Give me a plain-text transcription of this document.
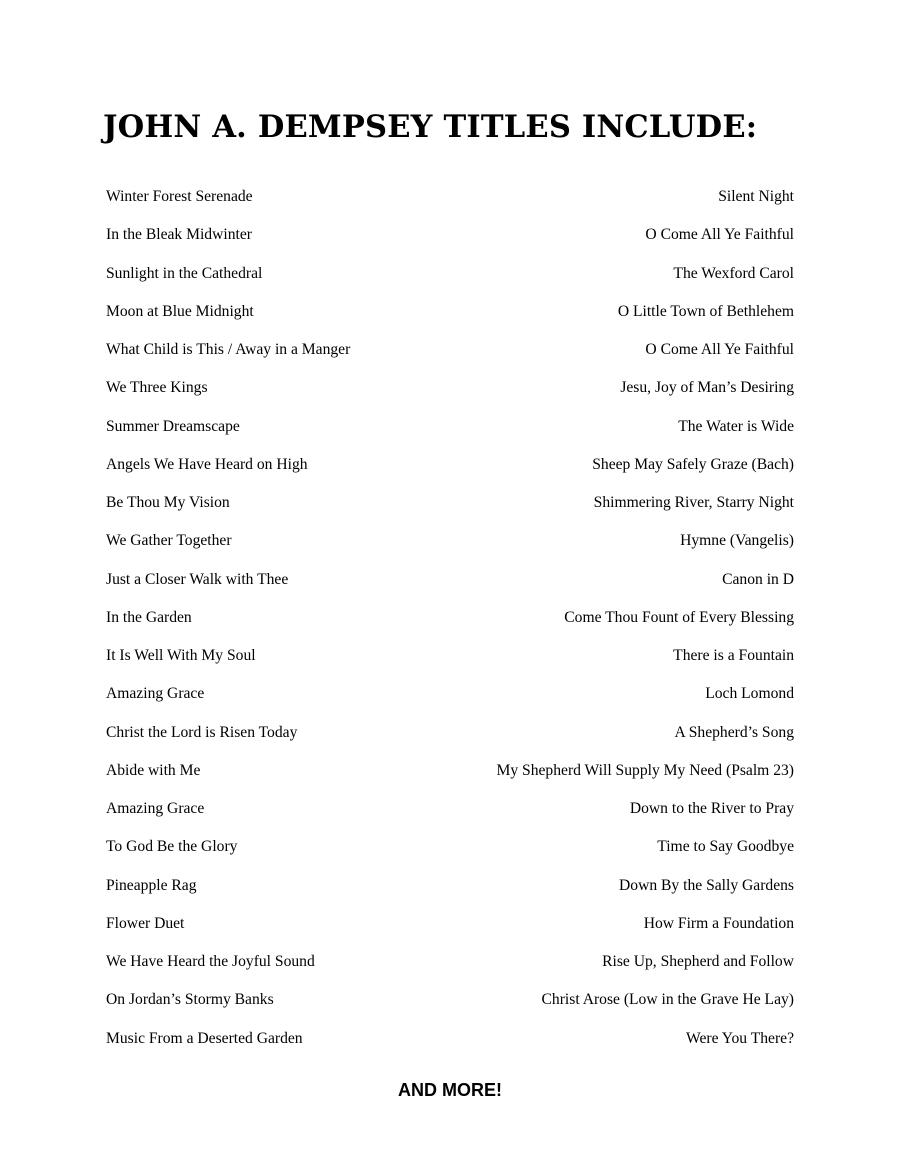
JOHN A. DEMPSEY TITLES INCLUDE:
Winter Forest Serenade	Silent Night
In the Bleak Midwinter	O Come All Ye Faithful
Sunlight in the Cathedral	The Wexford Carol
Moon at Blue Midnight	O Little Town of Bethlehem
What Child is This / Away in a Manger	O Come All Ye Faithful
We Three Kings	Jesu, Joy of Man’s Desiring
Summer Dreamscape	The Water is Wide
Angels We Have Heard on High	Sheep May Safely Graze (Bach)
Be Thou My Vision	Shimmering River, Starry Night
We Gather Together	Hymne (Vangelis)
Just a Closer Walk with Thee	Canon in D
In the Garden	Come Thou Fount of Every Blessing
It Is Well With My Soul	There is a Fountain
Amazing Grace	Loch Lomond
Christ the Lord is Risen Today	A Shepherd’s Song
Abide with Me	My Shepherd Will Supply My Need (Psalm 23)
Amazing Grace	Down to the River to Pray
To God Be the Glory	Time to Say Goodbye
Pineapple Rag	Down By the Sally Gardens
Flower Duet	How Firm a Foundation
We Have Heard the Joyful Sound	Rise Up, Shepherd and Follow
On Jordan’s Stormy Banks	Christ Arose (Low in the Grave He Lay)
Music From a Deserted Garden	Were You There?
AND MORE!
